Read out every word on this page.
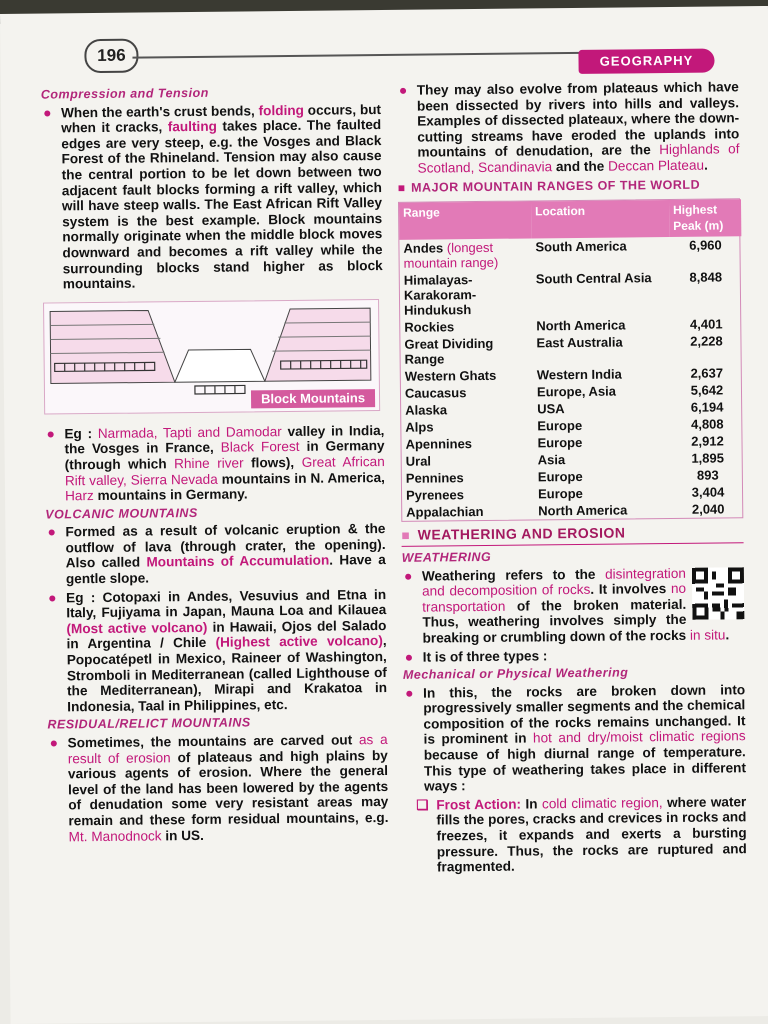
196	GEOGRAPHY
Compression and Tension
● When the earth's crust bends, folding occurs, but when it cracks, faulting takes place. The faulted edges are very steep, e.g. the Vosges and Black Forest of the Rhineland. Tension may also cause the central portion to be let down between two adjacent fault blocks forming a rift valley, which will have steep walls. The East African Rift Valley system is the best example. Block mountains normally originate when the middle block moves downward and becomes a rift valley while the surrounding blocks stand higher as block mountains.
Block Mountains
● Eg : Narmada, Tapti and Damodar valley in India, the Vosges in France, Black Forest in Germany (through which Rhine river flows), Great African Rift valley, Sierra Nevada mountains in N. America, Harz mountains in Germany.
VOLCANIC MOUNTAINS
● Formed as a result of volcanic eruption & the outflow of lava (through crater, the opening). Also called Mountains of Accumulation. Have a gentle slope.
● Eg : Cotopaxi in Andes, Vesuvius and Etna in Italy, Fujiyama in Japan, Mauna Loa and Kilauea (Most active volcano) in Hawaii, Ojos del Salado in Argentina / Chile (Highest active volcano), Popocatépetl in Mexico, Raineer of Washington, Stromboli in Mediterranean (called Lighthouse of the Mediterranean), Mirapi and Krakatoa in Indonesia, Taal in Philippines, etc.
RESIDUAL/RELICT MOUNTAINS
● Sometimes, the mountains are carved out as a result of erosion of plateaus and high plains by various agents of erosion. Where the general level of the land has been lowered by the agents of denudation some very resistant areas may remain and these form residual mountains, e.g. Mt. Manodnock in US.
● They may also evolve from plateaus which have been dissected by rivers into hills and valleys. Examples of dissected plateaux, where the down-cutting streams have eroded the uplands into mountains of denudation, are the Highlands of Scotland, Scandinavia and the Deccan Plateau.
■ MAJOR MOUNTAIN RANGES OF THE WORLD
Range	Location	Highest Peak (m)
Andes (longest mountain range)	South America	6,960
Himalayas-Karakoram-Hindukush	South Central Asia	8,848
Rockies	North America	4,401
Great Dividing Range	East Australia	2,228
Western Ghats	Western India	2,637
Caucasus	Europe, Asia	5,642
Alaska	USA	6,194
Alps	Europe	4,808
Apennines	Europe	2,912
Ural	Asia	1,895
Pennines	Europe	893
Pyrenees	Europe	3,404
Appalachian	North America	2,040
■ WEATHERING AND EROSION
WEATHERING
● Weathering refers to the disintegration and decomposition of rocks. It involves no transportation of the broken material. Thus, weathering involves simply the breaking or crumbling down of the rocks in situ.
● It is of three types :
Mechanical or Physical Weathering
● In this, the rocks are broken down into progressively smaller segments and the chemical composition of the rocks remains unchanged. It is prominent in hot and dry/moist climatic regions because of high diurnal range of temperature. This type of weathering takes place in different ways :
❑ Frost Action: In cold climatic region, where water fills the pores, cracks and crevices in rocks and freezes, it expands and exerts a bursting pressure. Thus, the rocks are ruptured and fragmented.
